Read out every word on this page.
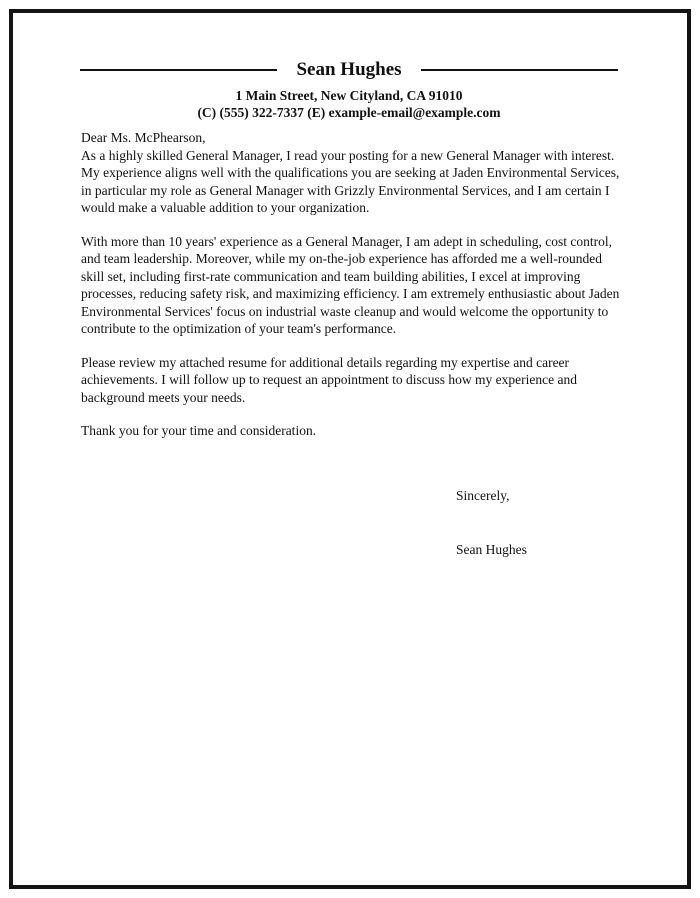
Sean Hughes
1 Main Street, New Cityland, CA 91010
(C) (555) 322-7337 (E) example-email@example.com

Dear Ms. McPhearson,

As a highly skilled General Manager, I read your posting for a new General Manager with interest. My experience aligns well with the qualifications you are seeking at Jaden Environmental Services, in particular my role as General Manager with Grizzly Environmental Services, and I am certain I would make a valuable addition to your organization.

With more than 10 years' experience as a General Manager, I am adept in scheduling, cost control, and team leadership. Moreover, while my on-the-job experience has afforded me a well-rounded skill set, including first-rate communication and team building abilities, I excel at improving processes, reducing safety risk, and maximizing efficiency. I am extremely enthusiastic about Jaden Environmental Services' focus on industrial waste cleanup and would welcome the opportunity to contribute to the optimization of your team's performance.

Please review my attached resume for additional details regarding my expertise and career achievements. I will follow up to request an appointment to discuss how my experience and background meets your needs.

Thank you for your time and consideration.

Sincerely,
Sean Hughes
